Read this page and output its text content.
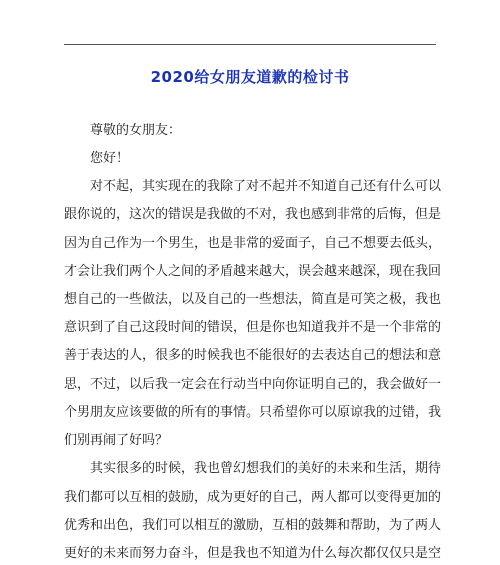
2020给女朋友道歉的检讨书
尊敬的女朋友：
您好！
对不起，其实现在的我除了对不起并不知道自己还有什么可以
跟你说的，这次的错误是我做的不对，我也感到非常的后悔，但是
因为自己作为一个男生，也是非常的爱面子，自己不想要去低头，
才会让我们两个人之间的矛盾越来越大，误会越来越深，现在我回
想自己的一些做法，以及自己的一些想法，简直是可笑之极，我也
意识到了自己这段时间的错误，但是你也知道我并不是一个非常的
善于表达的人，很多的时候我也不能很好的去表达自己的想法和意
思，不过，以后我一定会在行动当中向你证明自己的，我会做好一
个男朋友应该要做的所有的事情。只希望你可以原谅我的过错，我
们别再闹了好吗？
其实很多的时候，我也曾幻想我们的美好的未来和生活，期待
我们都可以互相的鼓励，成为更好的自己，两人都可以变得更加的
优秀和出色，我们可以相互的激励，互相的鼓舞和帮助，为了两人
更好的未来而努力奋斗，但是我也不知道为什么每次都仅仅只是空
